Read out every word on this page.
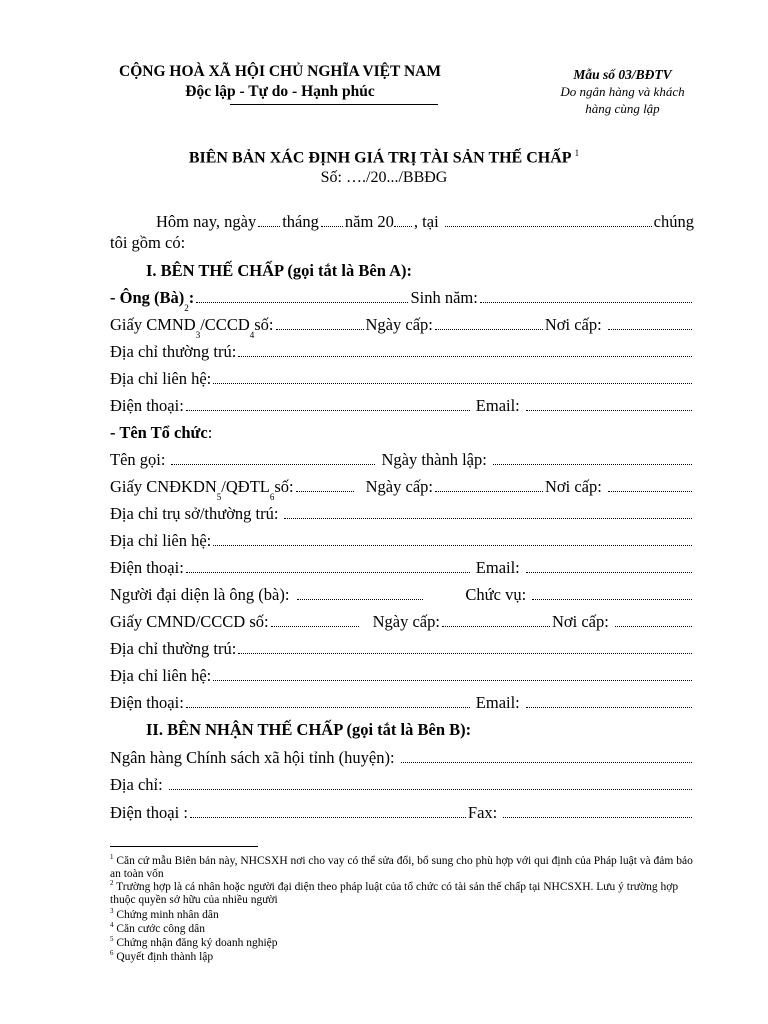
CỘNG HOÀ XÃ HỘI CHỦ NGHĨA VIỆT NAM
Độc lập - Tự do - Hạnh phúc
Mẫu số 03/BĐTV
Do ngân hàng và khách hàng cùng lập
BIÊN BẢN XÁC ĐỊNH GIÁ TRỊ TÀI SẢN THẾ CHẤP $^1$
Số: …./20.../BBĐG
Hôm nay, ngày tháng năm 20 , tại	chúng
tôi gồm có:
I. BÊN THẾ CHẤP (gọi tắt là Bên A):
- Ông (Bà)
2
:	Sinh năm:
Giấy CMND
3
/CCCD
4
số:	Ngày cấp:	Nơi cấp:
Địa chỉ thường trú:
Địa chỉ liên hệ:
Điện thoại:	Email:
- Tên Tổ chức :
Tên gọi:	Ngày thành lập:
Giấy CNĐKDN
5
/QĐTL
6
số:	Ngày cấp:	Nơi cấp:
Địa chỉ trụ sở/thường trú:
Địa chỉ liên hệ:
Điện thoại:	Email:
Người đại diện là ông (bà):	Chức vụ:
Giấy CMND/CCCD số:	Ngày cấp:	Nơi cấp:
Địa chỉ thường trú:
Địa chỉ liên hệ:
Điện thoại:	Email:
II. BÊN NHẬN THẾ CHẤP (gọi tắt là Bên B):
Ngân hàng Chính sách xã hội tỉnh (huyện):
Địa chỉ:
Điện thoại :	Fax:
$^1$ Căn cứ mẫu Biên bản này, NHCSXH nơi cho vay có thể sửa đổi, bổ sung cho phù hợp với qui định của Pháp luật và đảm bảo an toàn vốn
$^2$ Trường hợp là cá nhân hoặc người đại diện theo pháp luật của tổ chức có tài sản thế chấp tại NHCSXH. Lưu ý trường hợp thuộc quyền sở hữu của nhiều người
$^3$ Chứng minh nhân dân
$^4$ Căn cước công dân
$^5$ Chứng nhận đăng ký doanh nghiệp
$^6$ Quyết định thành lập
